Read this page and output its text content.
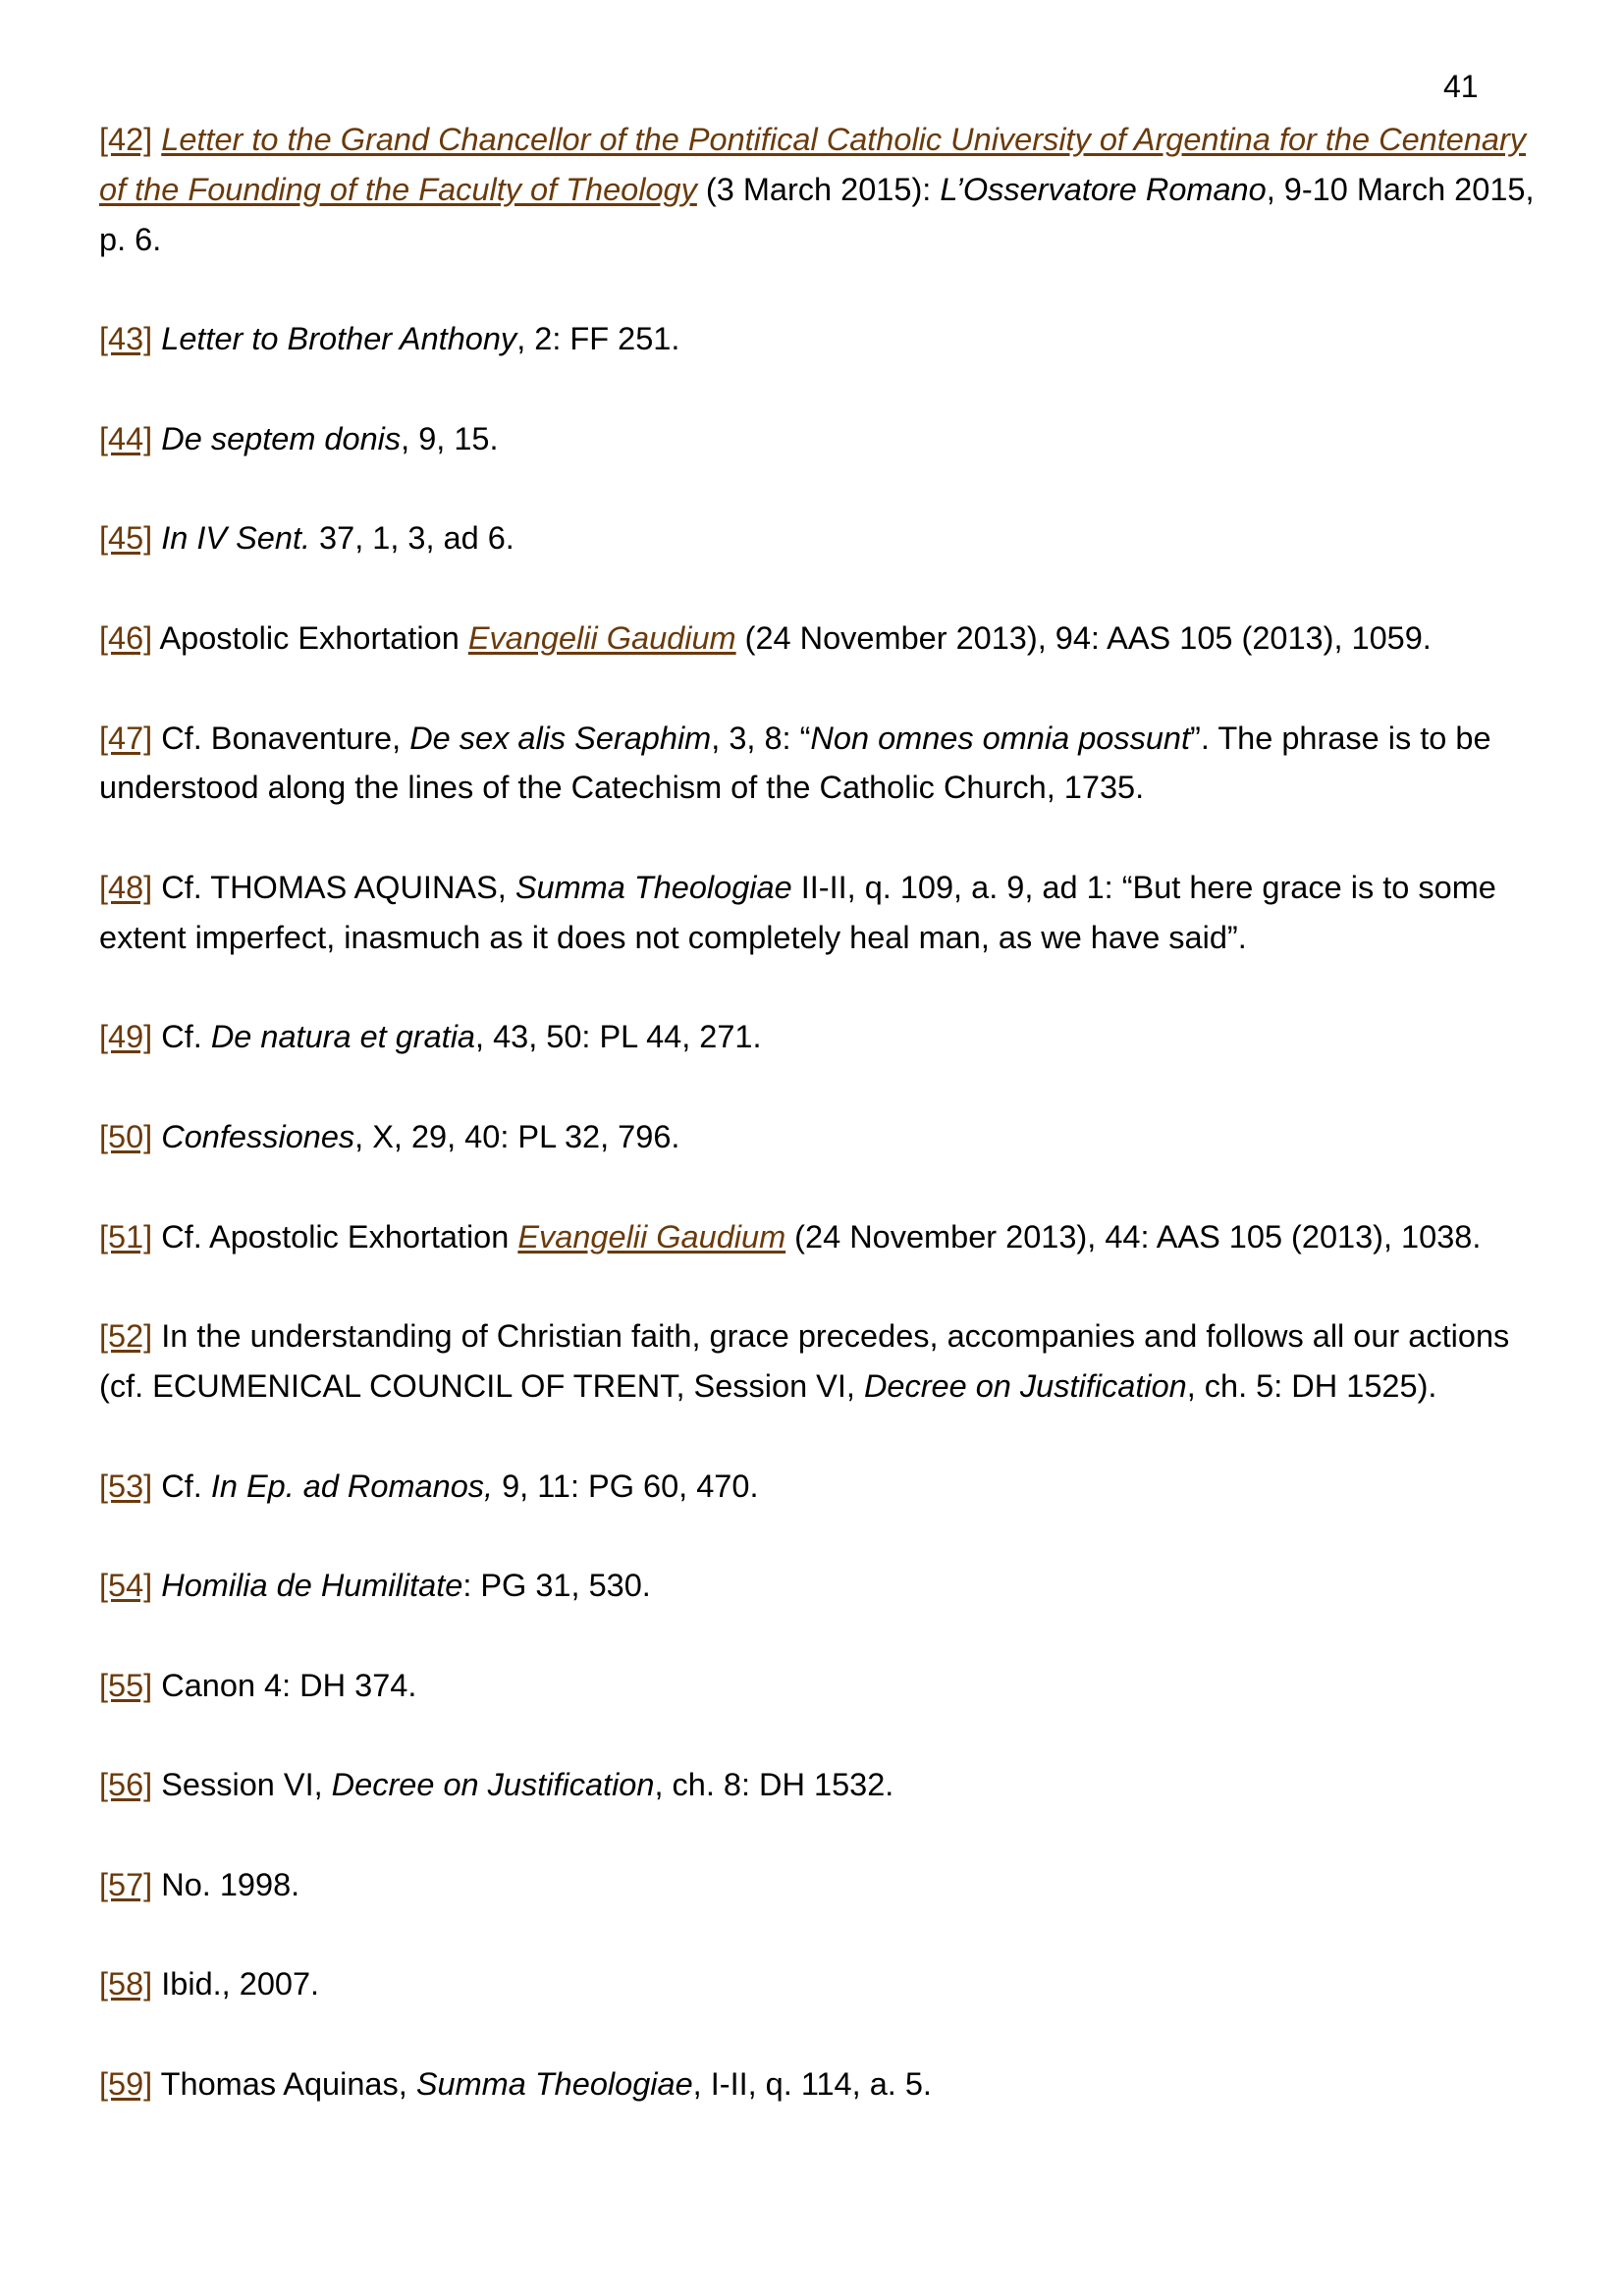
41

[42] Letter to the Grand Chancellor of the Pontifical Catholic University of Argentina for the Centenary of the Founding of the Faculty of Theology (3 March 2015): L’Osservatore Romano, 9-10 March 2015, p. 6.

[43] Letter to Brother Anthony, 2: FF 251.

[44] De septem donis, 9, 15.

[45] In IV Sent. 37, 1, 3, ad 6.

[46] Apostolic Exhortation Evangelii Gaudium (24 November 2013), 94: AAS 105 (2013), 1059.

[47] Cf. Bonaventure, De sex alis Seraphim, 3, 8: “Non omnes omnia possunt”. The phrase is to be understood along the lines of the Catechism of the Catholic Church, 1735.

[48] Cf. THOMAS AQUINAS, Summa Theologiae II-II, q. 109, a. 9, ad 1: “But here grace is to some extent imperfect, inasmuch as it does not completely heal man, as we have said”.

[49] Cf. De natura et gratia, 43, 50: PL 44, 271.

[50] Confessiones, X, 29, 40: PL 32, 796.

[51] Cf. Apostolic Exhortation Evangelii Gaudium (24 November 2013), 44: AAS 105 (2013), 1038.

[52] In the understanding of Christian faith, grace precedes, accompanies and follows all our actions (cf. ECUMENICAL COUNCIL OF TRENT, Session VI, Decree on Justification, ch. 5: DH 1525).

[53] Cf. In Ep. ad Romanos, 9, 11: PG 60, 470.

[54] Homilia de Humilitate: PG 31, 530.

[55] Canon 4: DH 374.

[56] Session VI, Decree on Justification, ch. 8: DH 1532.

[57] No. 1998.

[58] Ibid., 2007.

[59] Thomas Aquinas, Summa Theologiae, I-II, q. 114, a. 5.
